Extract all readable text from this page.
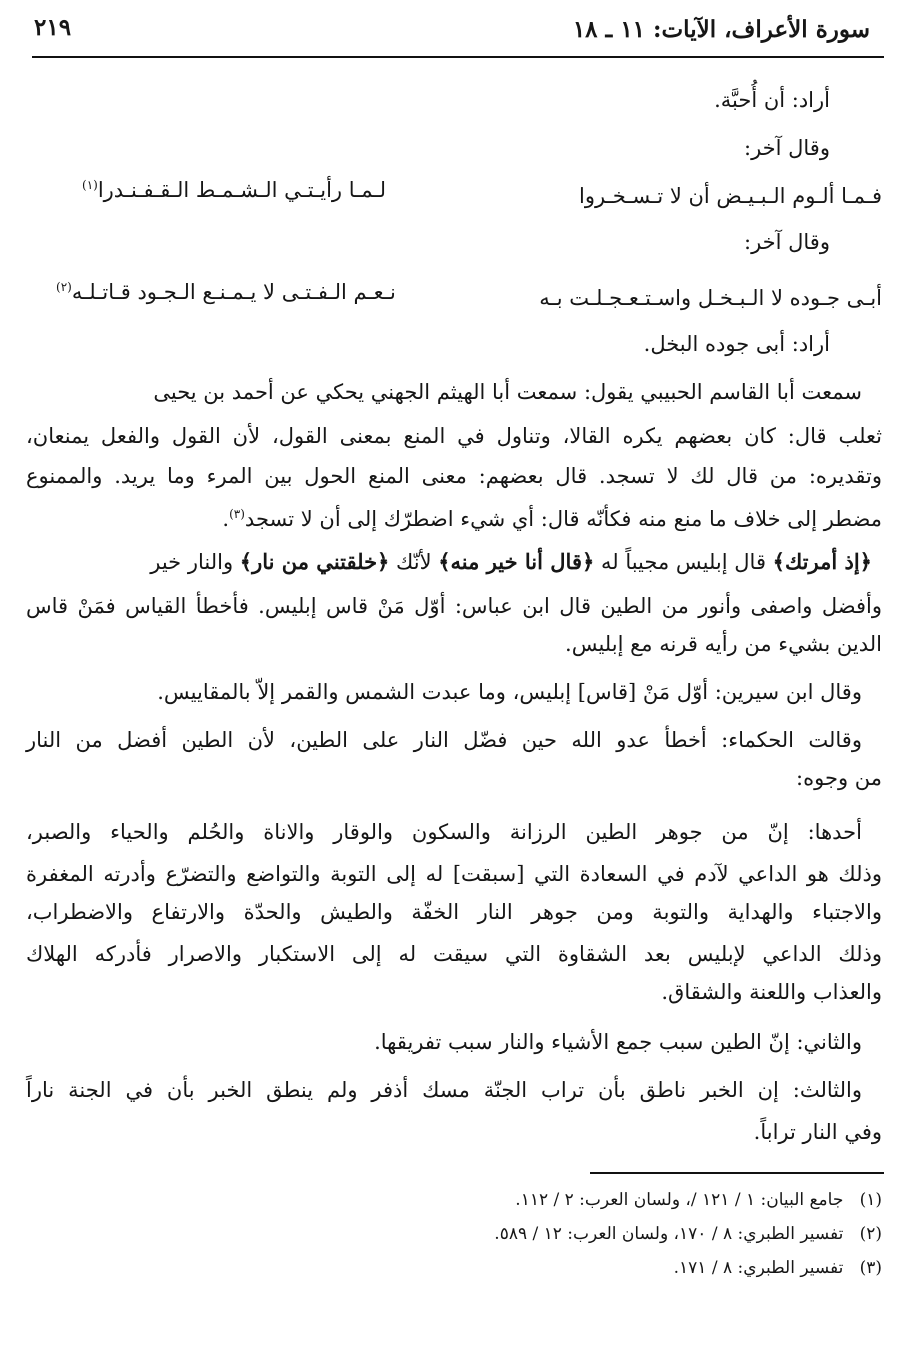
٢١٩	سورة الأعراف، الآيات: ١١ ـ ١٨
أراد: أن أُحبَّة.
وقال آخر:
فـمـا ألـوم الـبـيـض أن لا تـسـخـروا
لـمـا رأيـتـي الـشـمـط الـقـفـنـدرا$^{(١)}$
وقال آخر:
أبـى جـوده لا الـبـخـل واسـتـعـجـلـت بـه
نـعـم الـفـتـى لا يـمـنـع الـجـود قـاتـلـه$^{(٢)}$
أراد: أبى جوده البخل.
سمعت أبا القاسم الحبيبي يقول: سمعت أبا الهيثم الجهني يحكي عن أحمد بن يحيى
ثعلب قال: كان بعضهم يكره القالا، وتناول في المنع بمعنى القول، لأن القول والفعل يمنعان،
وتقديره: من قال لك لا تسجد. قال بعضهم: معنى المنع الحول بين المرء وما يريد. والممنوع
مضطر إلى خلاف ما منع منه فكأنّه قال: أي شيء اضطرّك إلى أن لا تسجد$^{(٣)}$.
﴿إذ أمرتك﴾ قال إبليس مجيباً له ﴿قال أنا خير منه﴾ لأنّك ﴿خلقتني من نار﴾ والنار خير
وأفضل واصفى وأنور من الطين قال ابن عباس: أوّل مَنْ قاس إبليس. فأخطأ القياس فمَنْ قاس
الدين بشيء من رأيه قرنه مع إبليس.
وقال ابن سيرين: أوّل مَنْ [قاس] إبليس، وما عبدت الشمس والقمر إلاّ بالمقاييس.
وقالت الحكماء: أخطأ عدو الله حين فضّل النار على الطين، لأن الطين أفضل من النار
من وجوه:
أحدها: إنّ من جوهر الطين الرزانة والسكون والوقار والاناة والحُلم والحياء والصبر،
وذلك هو الداعي لآدم في السعادة التي [سبقت] له إلى التوبة والتواضع والتضرّع وأدرته المغفرة
والاجتباء والهداية والتوبة ومن جوهر النار الخفّة والطيش والحدّة والارتفاع والاضطراب،
وذلك الداعي لإبليس بعد الشقاوة التي سيقت له إلى الاستكبار والاصرار فأدركه الهلاك
والعذاب واللعنة والشقاق.
والثاني: إنّ الطين سبب جمع الأشياء والنار سبب تفريقها.
والثالث: إن الخبر ناطق بأن تراب الجنّة مسك أذفر ولم ينطق الخبر بأن في الجنة ناراً
وفي النار تراباً.
(١)   جامع البيان: ١ / ١٢١ /، ولسان العرب: ٢ / ١١٢.
(٢)   تفسير الطبري: ٨ / ١٧٠، ولسان العرب: ١٢ / ٥٨٩.
(٣)   تفسير الطبري: ٨ / ١٧١.
